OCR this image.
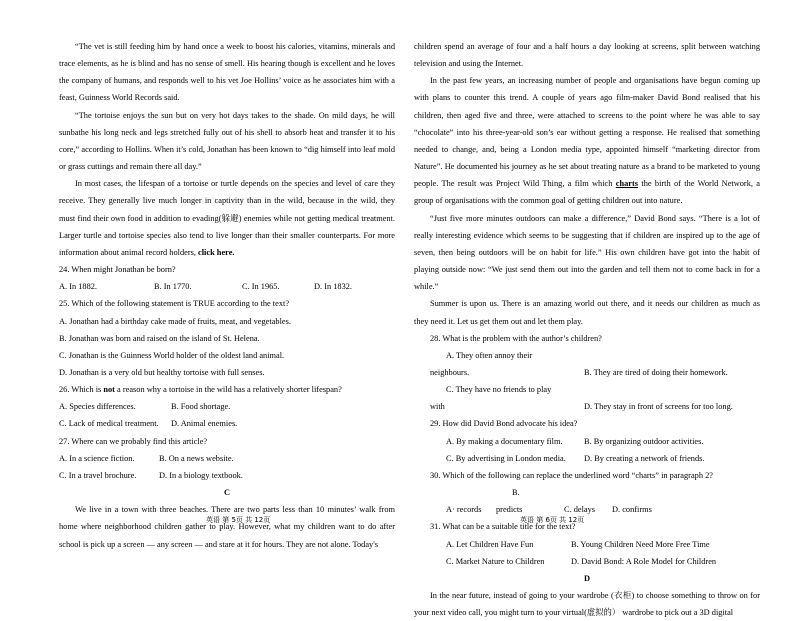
“The vet is still feeding him by hand once a week to boost his calories, vitamins, minerals and trace elements, as he is blind and has no sense of smell. His hearing though is excellent and he loves the company of humans, and responds well to his vet Joe Hollins’ voice as he associates him with a feast, Guinness World Records said.

“The tortoise enjoys the sun but on very hot days takes to the shade. On mild days, he will sunbathe his long neck and legs stretched fully out of his shell to absorb heat and transfer it to his core,” according to Hollins. When it’s cold, Jonathan has been known to “dig himself into leaf mold or grass cuttings and remain there all day.”

In most cases, the lifespan of a tortoise or turtle depends on the species and level of care they receive. They generally live much longer in captivity than in the wild, because in the wild, they must find their own food in addition to evading(躲避) enemies while not getting medical treatment. Larger turtle and tortoise species also tend to live longer than their smaller counterparts. For more information about animal record holders, click here.

24. When might Jonathan be born?

A. In 1882.	B. In 1770.	C. In 1965.	D. In 1832.

25. Which of the following statement is TRUE according to the text?

A. Jonathan had a birthday cake made of fruits, meat, and vegetables.

B. Jonathan was born and raised on the island of St. Helena.

C. Jonathan is the Guinness World holder of the oldest land animal.

D. Jonathan is a very old but healthy tortoise with full senses.

26. Which is not a reason why a tortoise in the wild has a relatively shorter lifespan?

A. Species differences.	B. Food shortage.

C. Lack of medical treatment. D. Animal enemies.

27. Where can we probably find this article?

A. In a science fiction.	B. On a news website.

C. In a travel brochure.	D. In a biology textbook.

C

We live in a town with three beaches. There are two parts less than 10 minutes’ walk from home where neighborhood children gather to play. However, what my children want to do after school is pick up a screen — any screen — and stare at it for hours. They are not alone. Today's

children spend an average of four and a half hours a day looking at screens, split between watching television and using the Internet.

In the past few years, an increasing number of people and organisations have begun coming up with plans to counter this trend. A couple of years ago film-maker David Bond realised that his children, then aged five and three, were attached to screens to the point where he was able to say “chocolate” into his three-year-old son’s ear without getting a response. He realised that something needed to change, and, being a London media type, appointed himself “marketing director from Nature”. He documented his journey as he set about treating nature as a brand to be marketed to young people. The result was Project Wild Thing, a film which charts the birth of the World Network, a group of organisations with the common goal of getting children out into nature.

“Just five more minutes outdoors can make a difference,” David Bond says. “There is a lot of really interesting evidence which seems to be suggesting that if children are inspired up to the age of seven, then being outdoors will be on habit for life.” His own children have got into the habit of playing outside now: “We just send them out into the garden and tell them not to come back in for a while.”

Summer is upon us. There is an amazing world out there, and it needs our children as much as they need it. Let us get them out and let them play.

28. What is the problem with the author’s children?

A. They often annoy their neighbours.	B. They are tired of doing their homework.

C. They have no friends to play with	D. They stay in front of screens for too long.

29. How did David Bond advocate his idea?

A. By making a documentary film.	B. By organizing outdoor activities.

C. By advertising in London media. D. By creating a network of friends.

30. Which of the following can replace the underlined word “charts” in paragraph 2?

A· recordsB. predicts	C. delays D. confirms

31. What can be a suitable title for the text?

A. Let Children Have Fun	B. Young Children Need More Free Time

C. Market Nature to Children	D. David Bond: A Role Model for Children

D

In the near future, instead of going to your wardrobe (衣柜) to choose something to throw on for your next video call, you might turn to your virtual(虚拟的） wardrobe to pick out a 3D digital

英语 第 5页 共 12页	英语 第 6页 共 12页
